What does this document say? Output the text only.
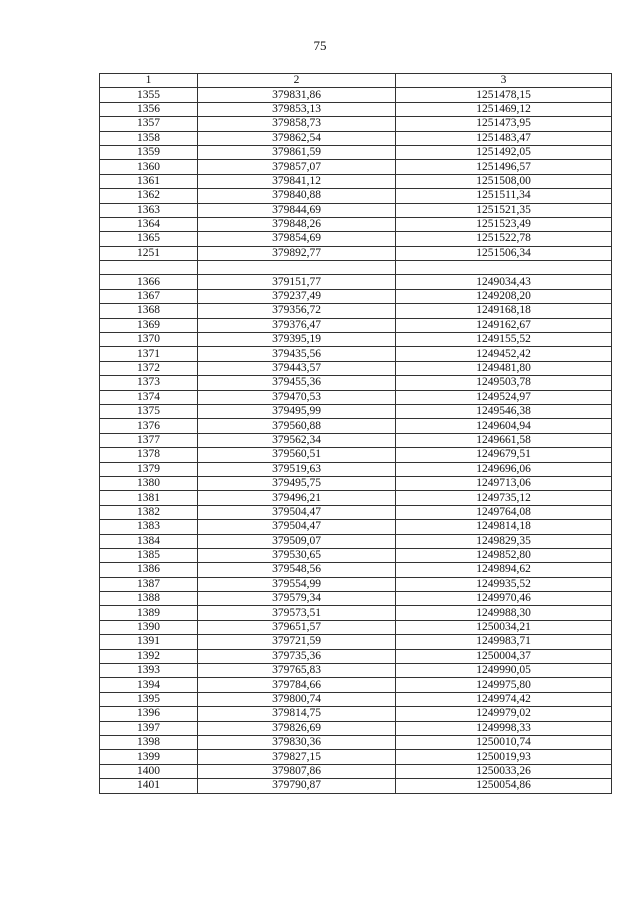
75
1	2	3
1355	379831,86	1251478,15
1356	379853,13	1251469,12
1357	379858,73	1251473,95
1358	379862,54	1251483,47
1359	379861,59	1251492,05
1360	379857,07	1251496,57
1361	379841,12	1251508,00
1362	379840,88	1251511,34
1363	379844,69	1251521,35
1364	379848,26	1251523,49
1365	379854,69	1251522,78
1251	379892,77	1251506,34

1366	379151,77	1249034,43
1367	379237,49	1249208,20
1368	379356,72	1249168,18
1369	379376,47	1249162,67
1370	379395,19	1249155,52
1371	379435,56	1249452,42
1372	379443,57	1249481,80
1373	379455,36	1249503,78
1374	379470,53	1249524,97
1375	379495,99	1249546,38
1376	379560,88	1249604,94
1377	379562,34	1249661,58
1378	379560,51	1249679,51
1379	379519,63	1249696,06
1380	379495,75	1249713,06
1381	379496,21	1249735,12
1382	379504,47	1249764,08
1383	379504,47	1249814,18
1384	379509,07	1249829,35
1385	379530,65	1249852,80
1386	379548,56	1249894,62
1387	379554,99	1249935,52
1388	379579,34	1249970,46
1389	379573,51	1249988,30
1390	379651,57	1250034,21
1391	379721,59	1249983,71
1392	379735,36	1250004,37
1393	379765,83	1249990,05
1394	379784,66	1249975,80
1395	379800,74	1249974,42
1396	379814,75	1249979,02
1397	379826,69	1249998,33
1398	379830,36	1250010,74
1399	379827,15	1250019,93
1400	379807,86	1250033,26
1401	379790,87	1250054,86
